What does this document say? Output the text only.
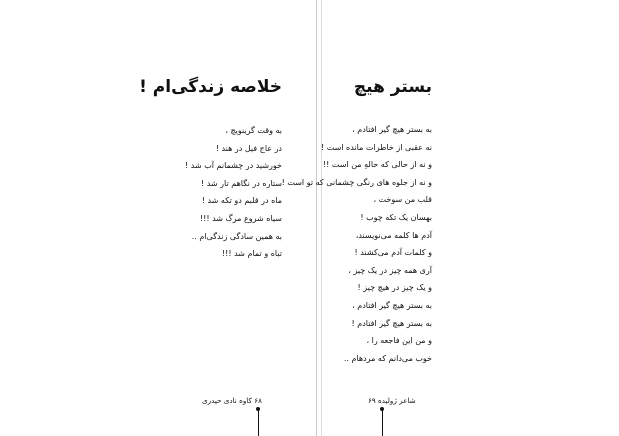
خلاصه زندگی‌ام !
به وقت گرینویچ ،
در عاج فیل در هند !
خورشید در چشمانم آب شد !
ستاره در نگاهم تار شد !
ماه در قلبم دو تکه شد !
سیاه شروع مرگ شد !!!
به همین سادگی زندگی‌ام ..
تباه و تمام شد !!!
۶۸ کاوه نادی حیدری
بستر هیچ
به بستر هیچ گیر افتادم ،
نه عقبی از خاطرات مانده است !
و نه از حالی که حالهِ من است !!
و نه از جلوه های رنگی چشمانی که تو است !
قلب من سوخت ،
بهسان یک تکه چوب !
آدم ها کلمه می‌نویسند،
و کلمات آدم می‌کشند !
آری همه چیز در یک چیز ،
و یک چیز در هیچ چیز !
به بستر هیچ گیر افتادم ،
به بستر هیچ گیر افتادم !
و من این فاجعه را ،
خوب می‌دانم که مردهام ..
شاعر ژولیده ۶۹
